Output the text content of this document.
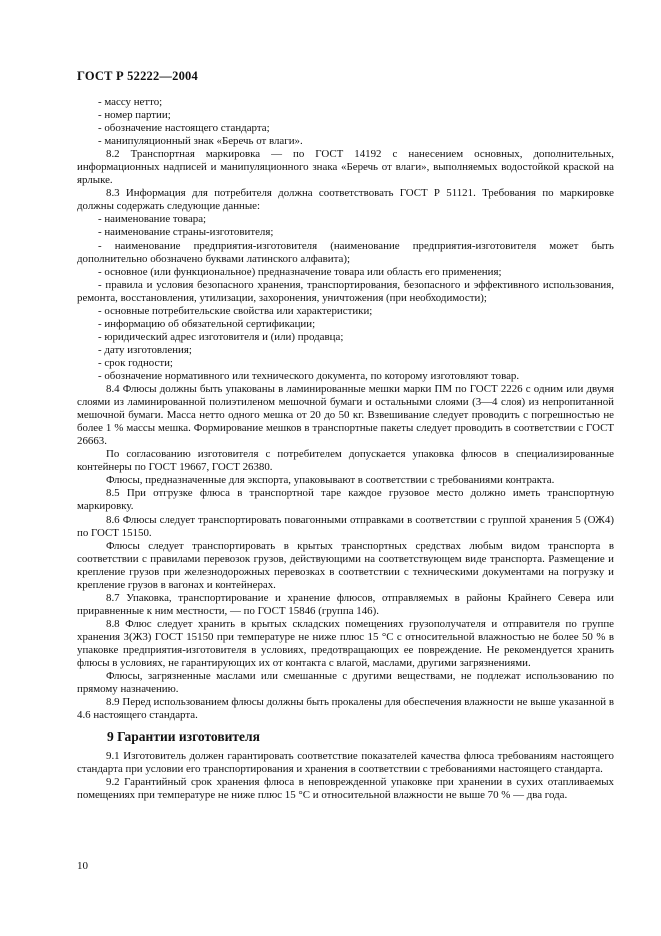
ГОСТ Р 52222—2004

- массу нетто;

- номер партии;

- обозначение настоящего стандарта;

- манипуляционный знак «Беречь от влаги».

8.2 Транспортная маркировка — по ГОСТ 14192 с нанесением основных, дополнительных, информационных надписей и манипуляционного знака «Беречь от влаги», выполняемых водостойкой краской на ярлыке.

8.3 Информация для потребителя должна соответствовать ГОСТ Р 51121. Требования по маркировке должны содержать следующие данные:

- наименование товара;

- наименование страны-изготовителя;

- наименование предприятия-изготовителя (наименование предприятия-изготовителя может быть дополнительно обозначено буквами латинского алфавита);

- основное (или функциональное) предназначение товара или область его применения;

- правила и условия безопасного хранения, транспортирования, безопасного и эффективного использования, ремонта, восстановления, утилизации, захоронения, уничтожения (при необходимости);

- основные потребительские свойства или характеристики;

- информацию об обязательной сертификации;

- юридический адрес изготовителя и (или) продавца;

- дату изготовления;

- срок годности;

- обозначение нормативного или технического документа, по которому изготовляют товар.

8.4 Флюсы должны быть упакованы в ламинированные мешки марки ПМ по ГОСТ 2226 с одним или двумя слоями из ламинированной полиэтиленом мешочной бумаги и остальными слоями (3—4 слоя) из непропитанной мешочной бумаги. Масса нетто одного мешка от 20 до 50 кг. Взвешивание следует проводить с погрешностью не более 1 % массы мешка. Формирование мешков в транспортные пакеты следует проводить в соответствии с ГОСТ 26663.

По согласованию изготовителя с потребителем допускается упаковка флюсов в специализированные контейнеры по ГОСТ 19667, ГОСТ 26380.

Флюсы, предназначенные для экспорта, упаковывают в соответствии с требованиями контракта.

8.5 При отгрузке флюса в транспортной таре каждое грузовое место должно иметь транспортную маркировку.

8.6 Флюсы следует транспортировать повагонными отправками в соответствии с группой хранения 5 (ОЖ4) по ГОСТ 15150.

Флюсы следует транспортировать в крытых транспортных средствах любым видом транспорта в соответствии с правилами перевозок грузов, действующими на соответствующем виде транспорта. Размещение и крепление грузов при железнодорожных перевозках в соответствии с техническими документами на погрузку и крепление грузов в вагонах и контейнерах.

8.7 Упаковка, транспортирование и хранение флюсов, отправляемых в районы Крайнего Севера или приравненные к ним местности, — по ГОСТ 15846 (группа 146).

8.8 Флюс следует хранить в крытых складских помещениях грузополучателя и отправителя по группе хранения 3(Ж3) ГОСТ 15150 при температуре не ниже плюс 15 °С с относительной влажностью не более 50 % в упаковке предприятия-изготовителя в условиях, предотвращающих ее повреждение. Не рекомендуется хранить флюсы в условиях, не гарантирующих их от контакта с влагой, маслами, другими загрязнениями.

Флюсы, загрязненные маслами или смешанные с другими веществами, не подлежат использованию по прямому назначению.

8.9 Перед использованием флюсы должны быть прокалены для обеспечения влажности не выше указанной в 4.6 настоящего стандарта.

9 Гарантии изготовителя

9.1 Изготовитель должен гарантировать соответствие показателей качества флюса требованиям настоящего стандарта при условии его транспортирования и хранения в соответствии с требованиями настоящего стандарта.

9.2 Гарантийный срок хранения флюса в неповрежденной упаковке при хранении в сухих отапливаемых помещениях при температуре не ниже плюс 15 °С и относительной влажности не выше 70 % — два года.

10
